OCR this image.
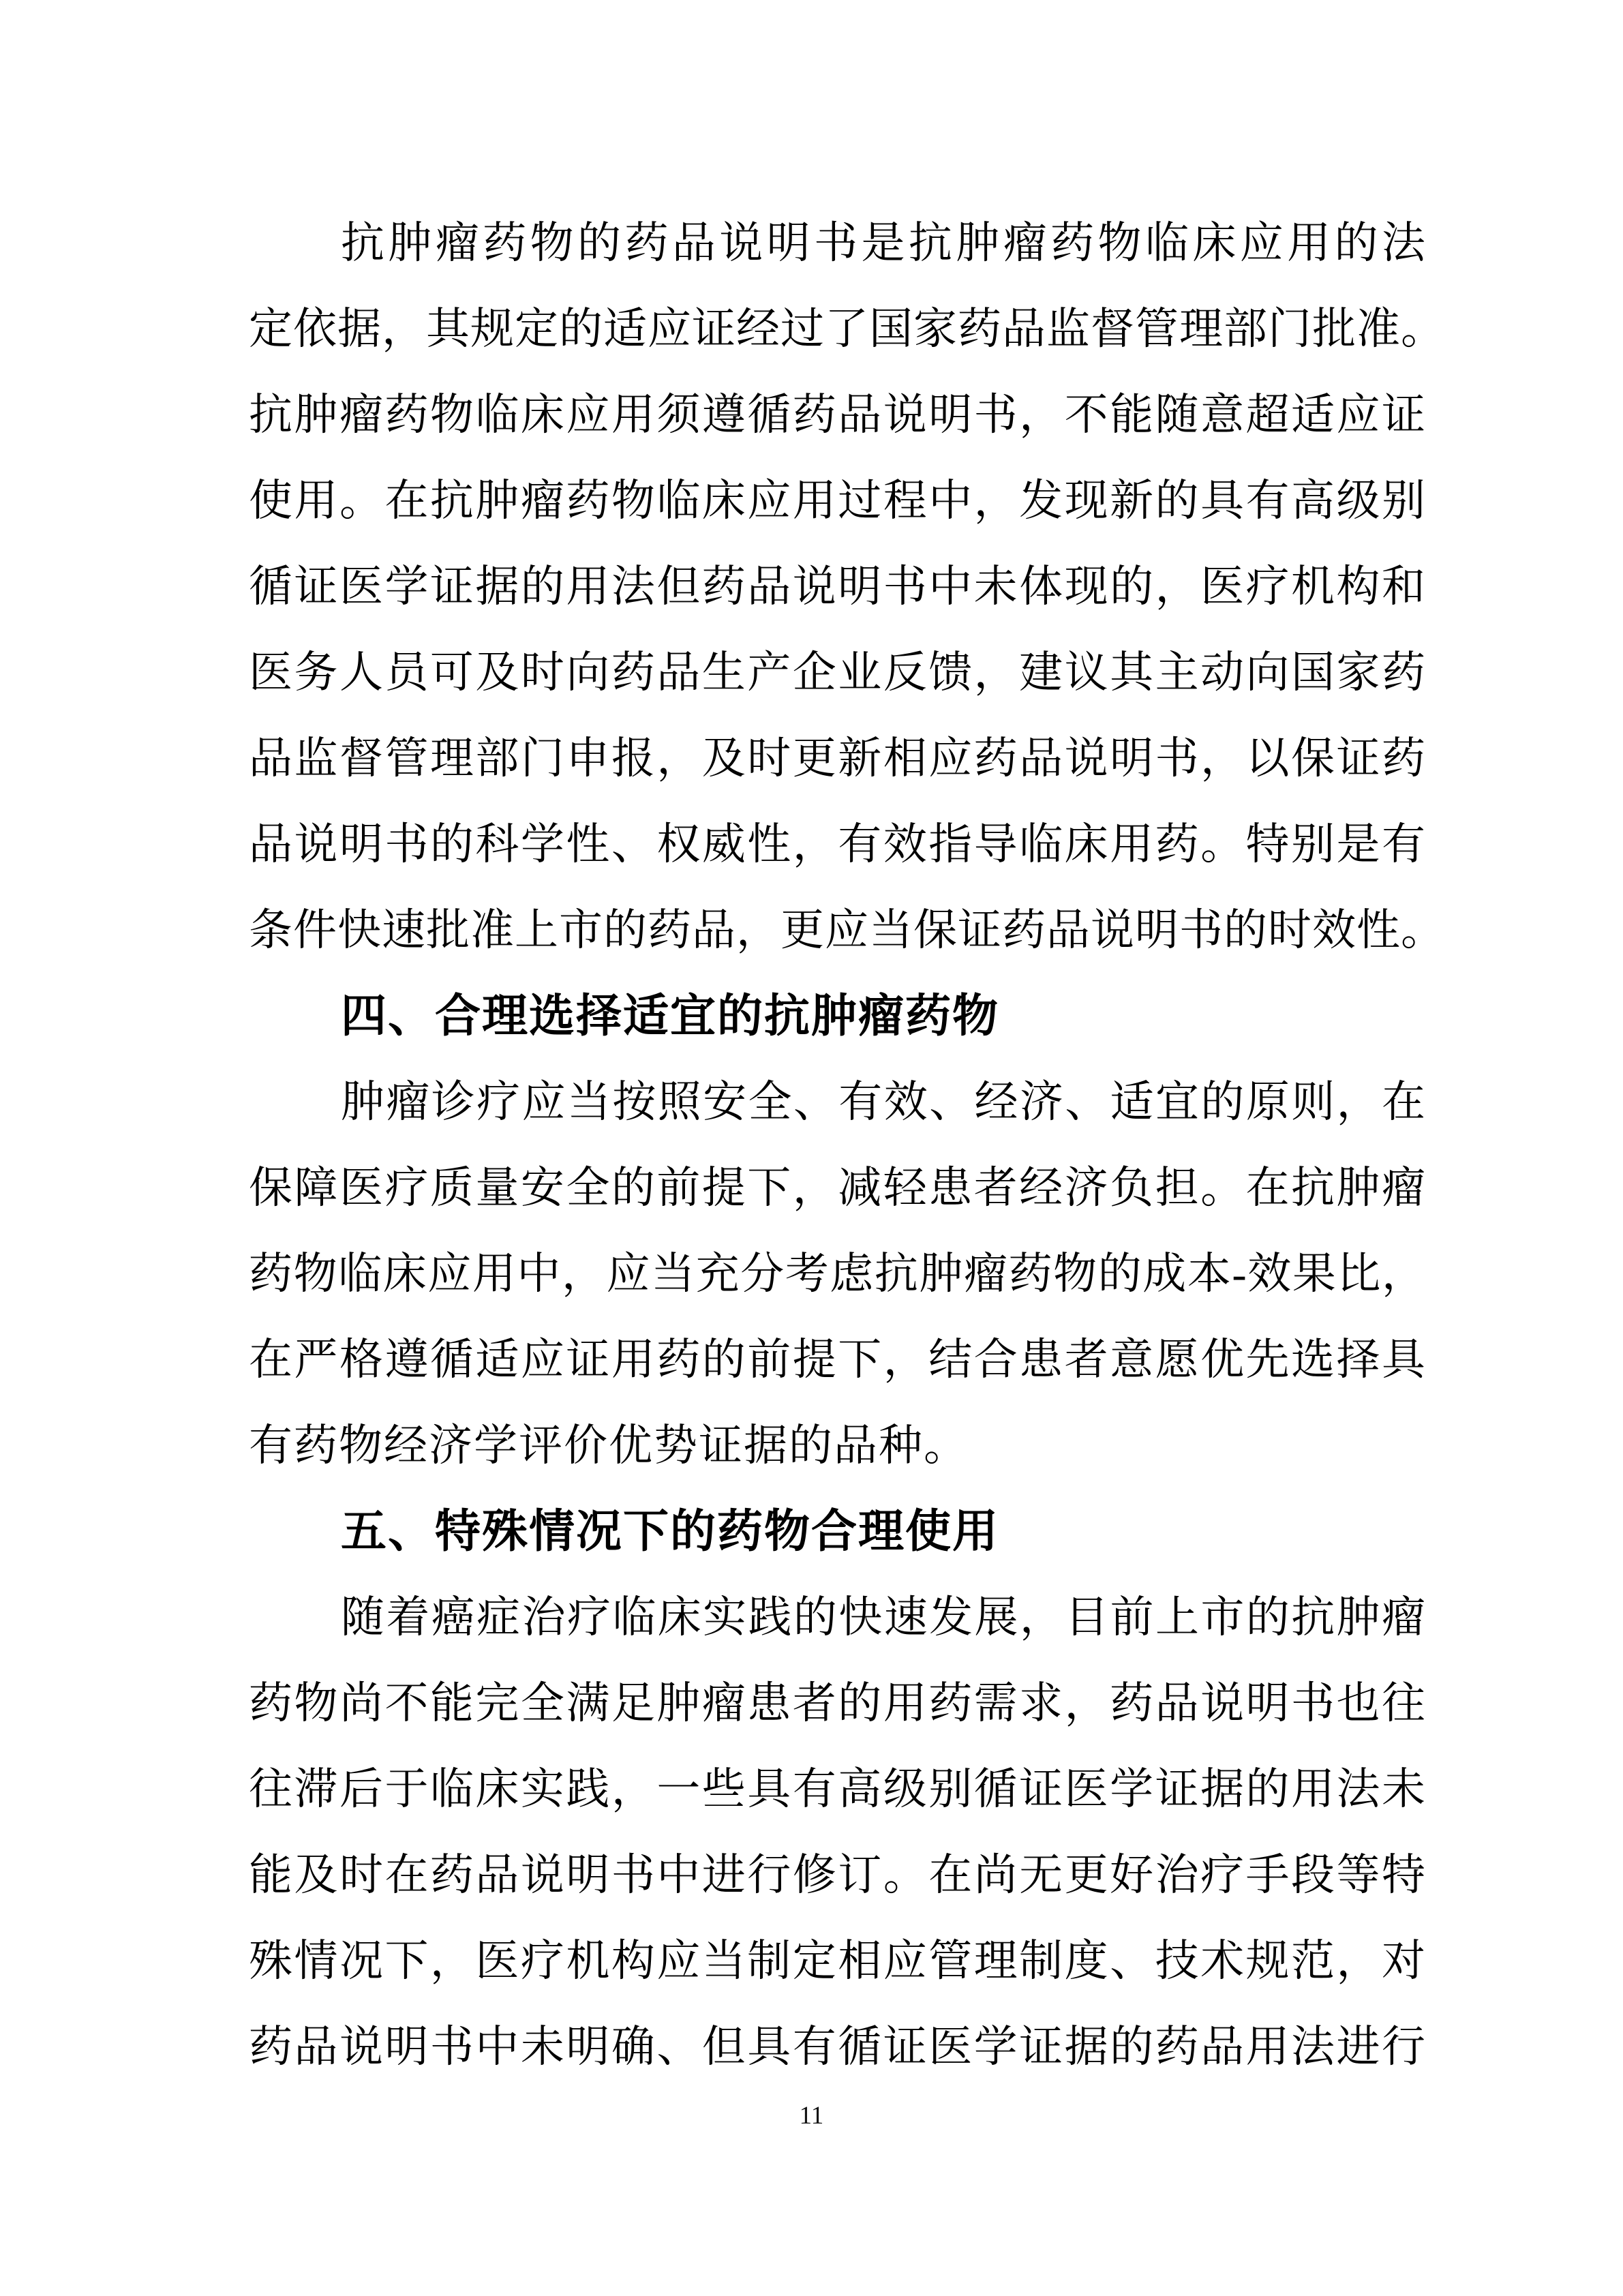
抗肿瘤药物的药品说明书是抗肿瘤药物临床应用的法
定依据，其规定的适应证经过了国家药品监督管理部门批准。
抗肿瘤药物临床应用须遵循药品说明书，不能随意超适应证
使用。在抗肿瘤药物临床应用过程中，发现新的具有高级别
循证医学证据的用法但药品说明书中未体现的，医疗机构和
医务人员可及时向药品生产企业反馈，建议其主动向国家药
品监督管理部门申报，及时更新相应药品说明书，以保证药
品说明书的科学性、权威性，有效指导临床用药。特别是有
条件快速批准上市的药品，更应当保证药品说明书的时效性。
四、合理选择适宜的抗肿瘤药物
肿瘤诊疗应当按照安全、有效、经济、适宜的原则，在
保障医疗质量安全的前提下，减轻患者经济负担。在抗肿瘤
药物临床应用中，应当充分考虑抗肿瘤药物的成本-效果比，
在严格遵循适应证用药的前提下，结合患者意愿优先选择具
有药物经济学评价优势证据的品种。
五、特殊情况下的药物合理使用
随着癌症治疗临床实践的快速发展，目前上市的抗肿瘤
药物尚不能完全满足肿瘤患者的用药需求，药品说明书也往
往滞后于临床实践，一些具有高级别循证医学证据的用法未
能及时在药品说明书中进行修订。在尚无更好治疗手段等特
殊情况下，医疗机构应当制定相应管理制度、技术规范，对
药品说明书中未明确、但具有循证医学证据的药品用法进行
11
